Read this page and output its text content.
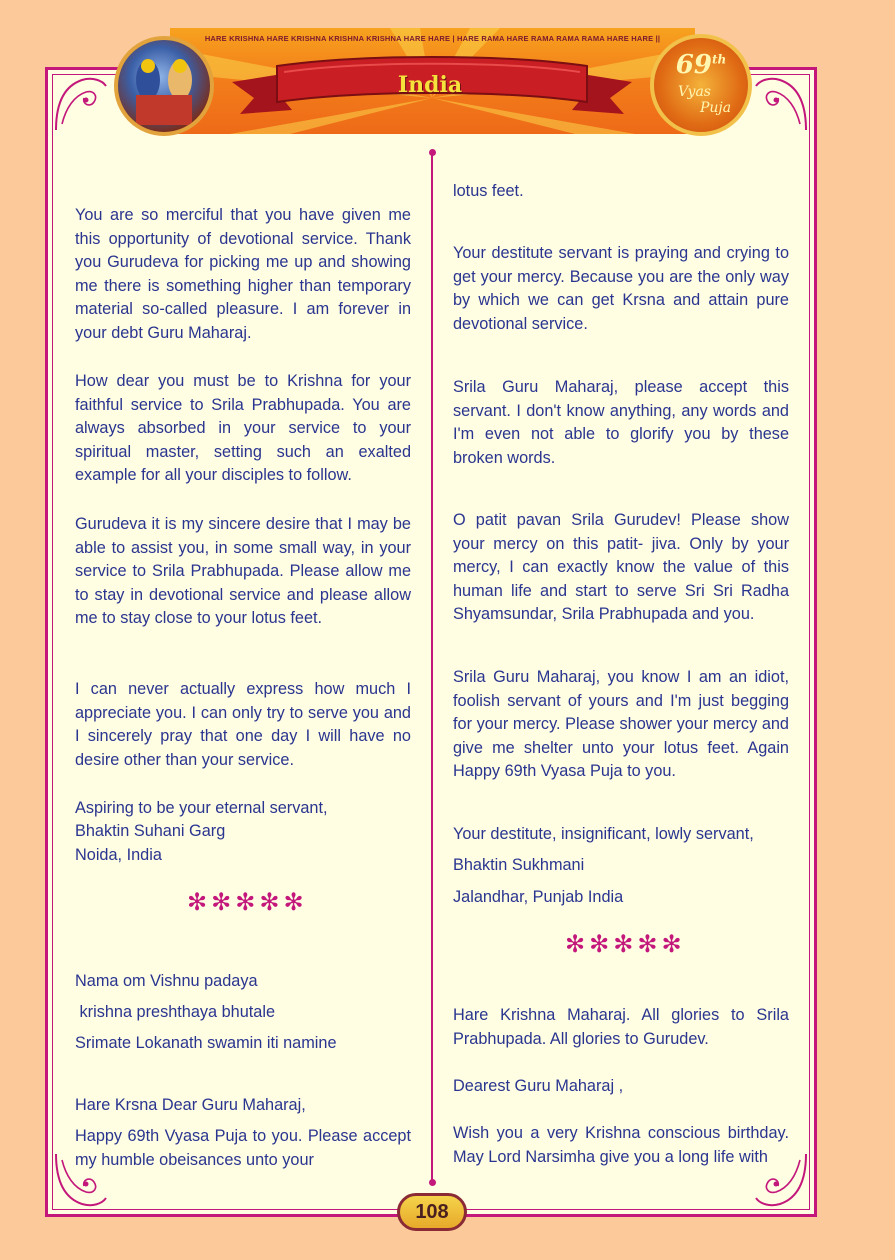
HARE KRISHNA HARE KRISHNA KRISHNA KRISHNA HARE HARE | HARE RAMA HARE RAMA RAMA RAMA HARE HARE ||
India
69th
Vyas
Puja
You are so merciful that you have given me this opportunity of devotional service. Thank you Gurudeva for picking me up and showing me there is something higher than temporary material so-called pleasure. I am forever in your debt Guru Maharaj.
How dear you must be to Krishna for your faithful service to Srila Prabhupada. You are always absorbed in your service to your spiritual master, setting such an exalted example for all your disciples to follow.
Gurudeva it is my sincere desire that I may be able to assist you, in some small way, in your service to Srila Prabhupada. Please allow me to stay in devotional service and please allow me to stay close to your lotus feet.
I can never actually express how much I appreciate you. I can only try to serve you and I sincerely pray that one day I will have no desire other than your service.
Aspiring to be your eternal servant,
Bhaktin Suhani Garg
Noida, India
✻✻✻✻✻
Nama om Vishnu padaya
krishna preshthaya bhutale
Srimate Lokanath swamin iti namine
Hare Krsna Dear Guru Maharaj,
Happy 69th Vyasa Puja to you. Please accept my humble obeisances unto your
lotus feet.
Your destitute servant is praying and crying to get your mercy. Because you are the only way by which we can get Krsna and attain pure devotional service.
Srila Guru Maharaj, please accept this servant. I don't know anything, any words and I'm even not able to glorify you by these broken words.
O patit pavan Srila Gurudev! Please show your mercy on this patit- jiva. Only by your mercy, I can exactly know the value of this human life and start to serve Sri Sri Radha Shyamsundar, Srila Prabhupada and you.
Srila Guru Maharaj, you know I am an idiot, foolish servant of yours and I'm just begging for your mercy. Please shower your mercy and give me shelter unto your lotus feet. Again Happy 69th Vyasa Puja to you.
Your destitute, insignificant, lowly servant,
Bhaktin Sukhmani
Jalandhar, Punjab India
✻✻✻✻✻
Hare Krishna Maharaj. All glories to Srila Prabhupada. All glories to Gurudev.
Dearest Guru Maharaj ,
Wish you a very Krishna conscious birthday. May Lord Narsimha give you a long life with
108
